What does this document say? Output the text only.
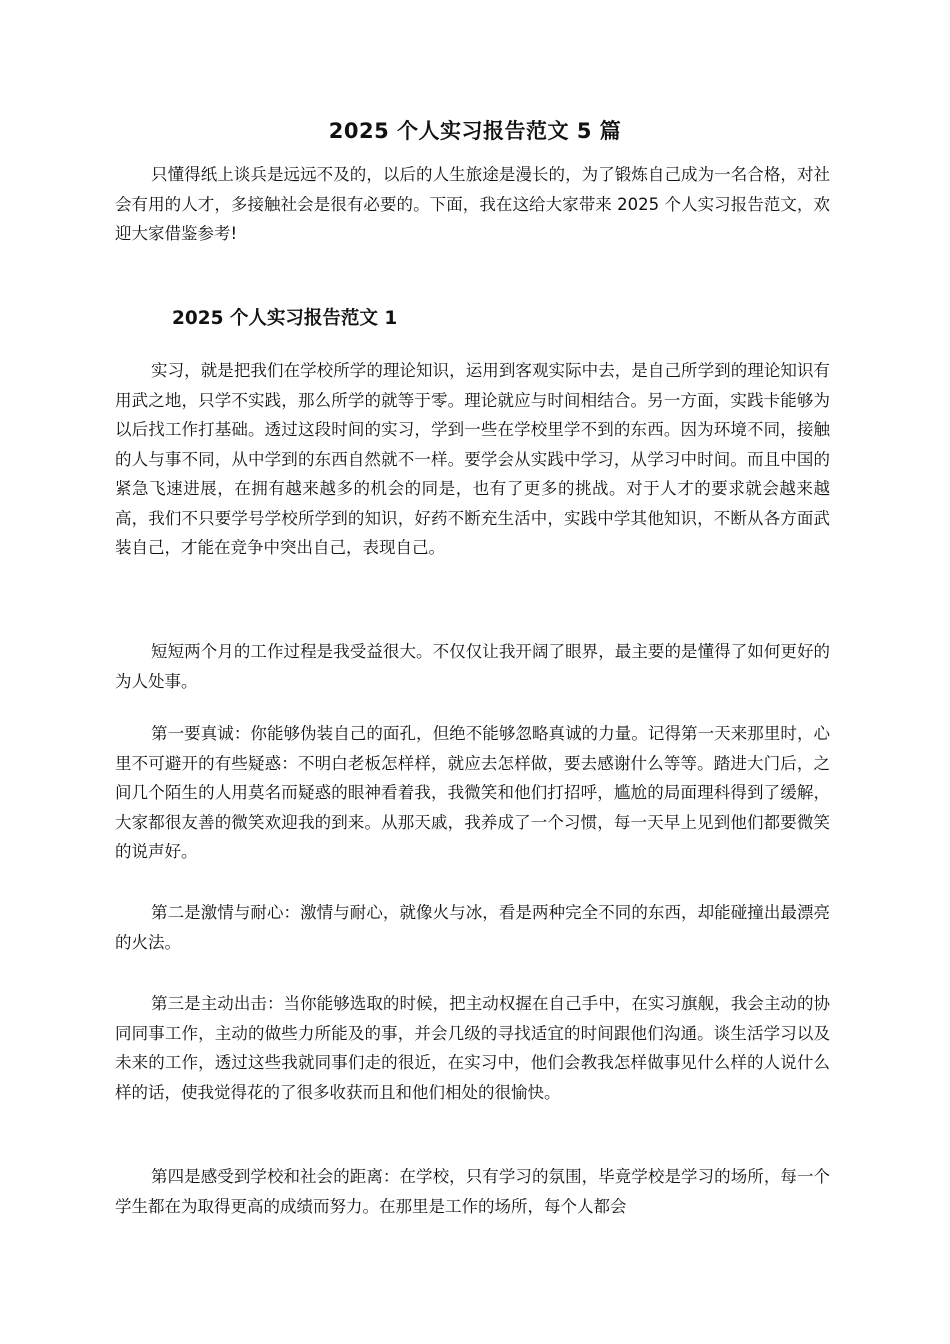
2025 个人实习报告范文 5 篇

只懂得纸上谈兵是远远不及的，以后的人生旅途是漫长的，为了锻炼自己成为一名合格，对社会有用的人才，多接触社会是很有必要的。下面，我在这给大家带来 2025 个人实习报告范文，欢迎大家借鉴参考!

2025 个人实习报告范文 1

实习，就是把我们在学校所学的理论知识，运用到客观实际中去，是自己所学到的理论知识有用武之地，只学不实践，那么所学的就等于零。理论就应与时间相结合。另一方面，实践卡能够为以后找工作打基础。透过这段时间的实习，学到一些在学校里学不到的东西。因为环境不同，接触的人与事不同，从中学到的东西自然就不一样。要学会从实践中学习，从学习中时间。而且中国的紧急飞速进展，在拥有越来越多的机会的同是，也有了更多的挑战。对于人才的要求就会越来越高，我们不只要学号学校所学到的知识，好药不断充生活中，实践中学其他知识，不断从各方面武装自己，才能在竞争中突出自己，表现自己。

短短两个月的工作过程是我受益很大。不仅仅让我开阔了眼界，最主要的是懂得了如何更好的为人处事。

第一要真诚：你能够伪装自己的面孔，但绝不能够忽略真诚的力量。记得第一天来那里时，心里不可避开的有些疑惑：不明白老板怎样样，就应去怎样做，要去感谢什么等等。踏进大门后，之间几个陌生的人用莫名而疑惑的眼神看着我，我微笑和他们打招呼，尴尬的局面理科得到了缓解，大家都很友善的微笑欢迎我的到来。从那天戚，我养成了一个习惯，每一天早上见到他们都要微笑的说声好。

第二是激情与耐心：激情与耐心，就像火与冰，看是两种完全不同的东西，却能碰撞出最漂亮的火法。

第三是主动出击：当你能够选取的时候，把主动权握在自己手中，在实习旗舰，我会主动的协同同事工作，主动的做些力所能及的事，并会几级的寻找适宜的时间跟他们沟通。谈生活学习以及未来的工作，透过这些我就同事们走的很近，在实习中，他们会教我怎样做事见什么样的人说什么样的话，使我觉得花的了很多收获而且和他们相处的很愉快。

第四是感受到学校和社会的距离：在学校，只有学习的氛围，毕竟学校是学习的场所，每一个学生都在为取得更高的成绩而努力。在那里是工作的场所，每个人都会
